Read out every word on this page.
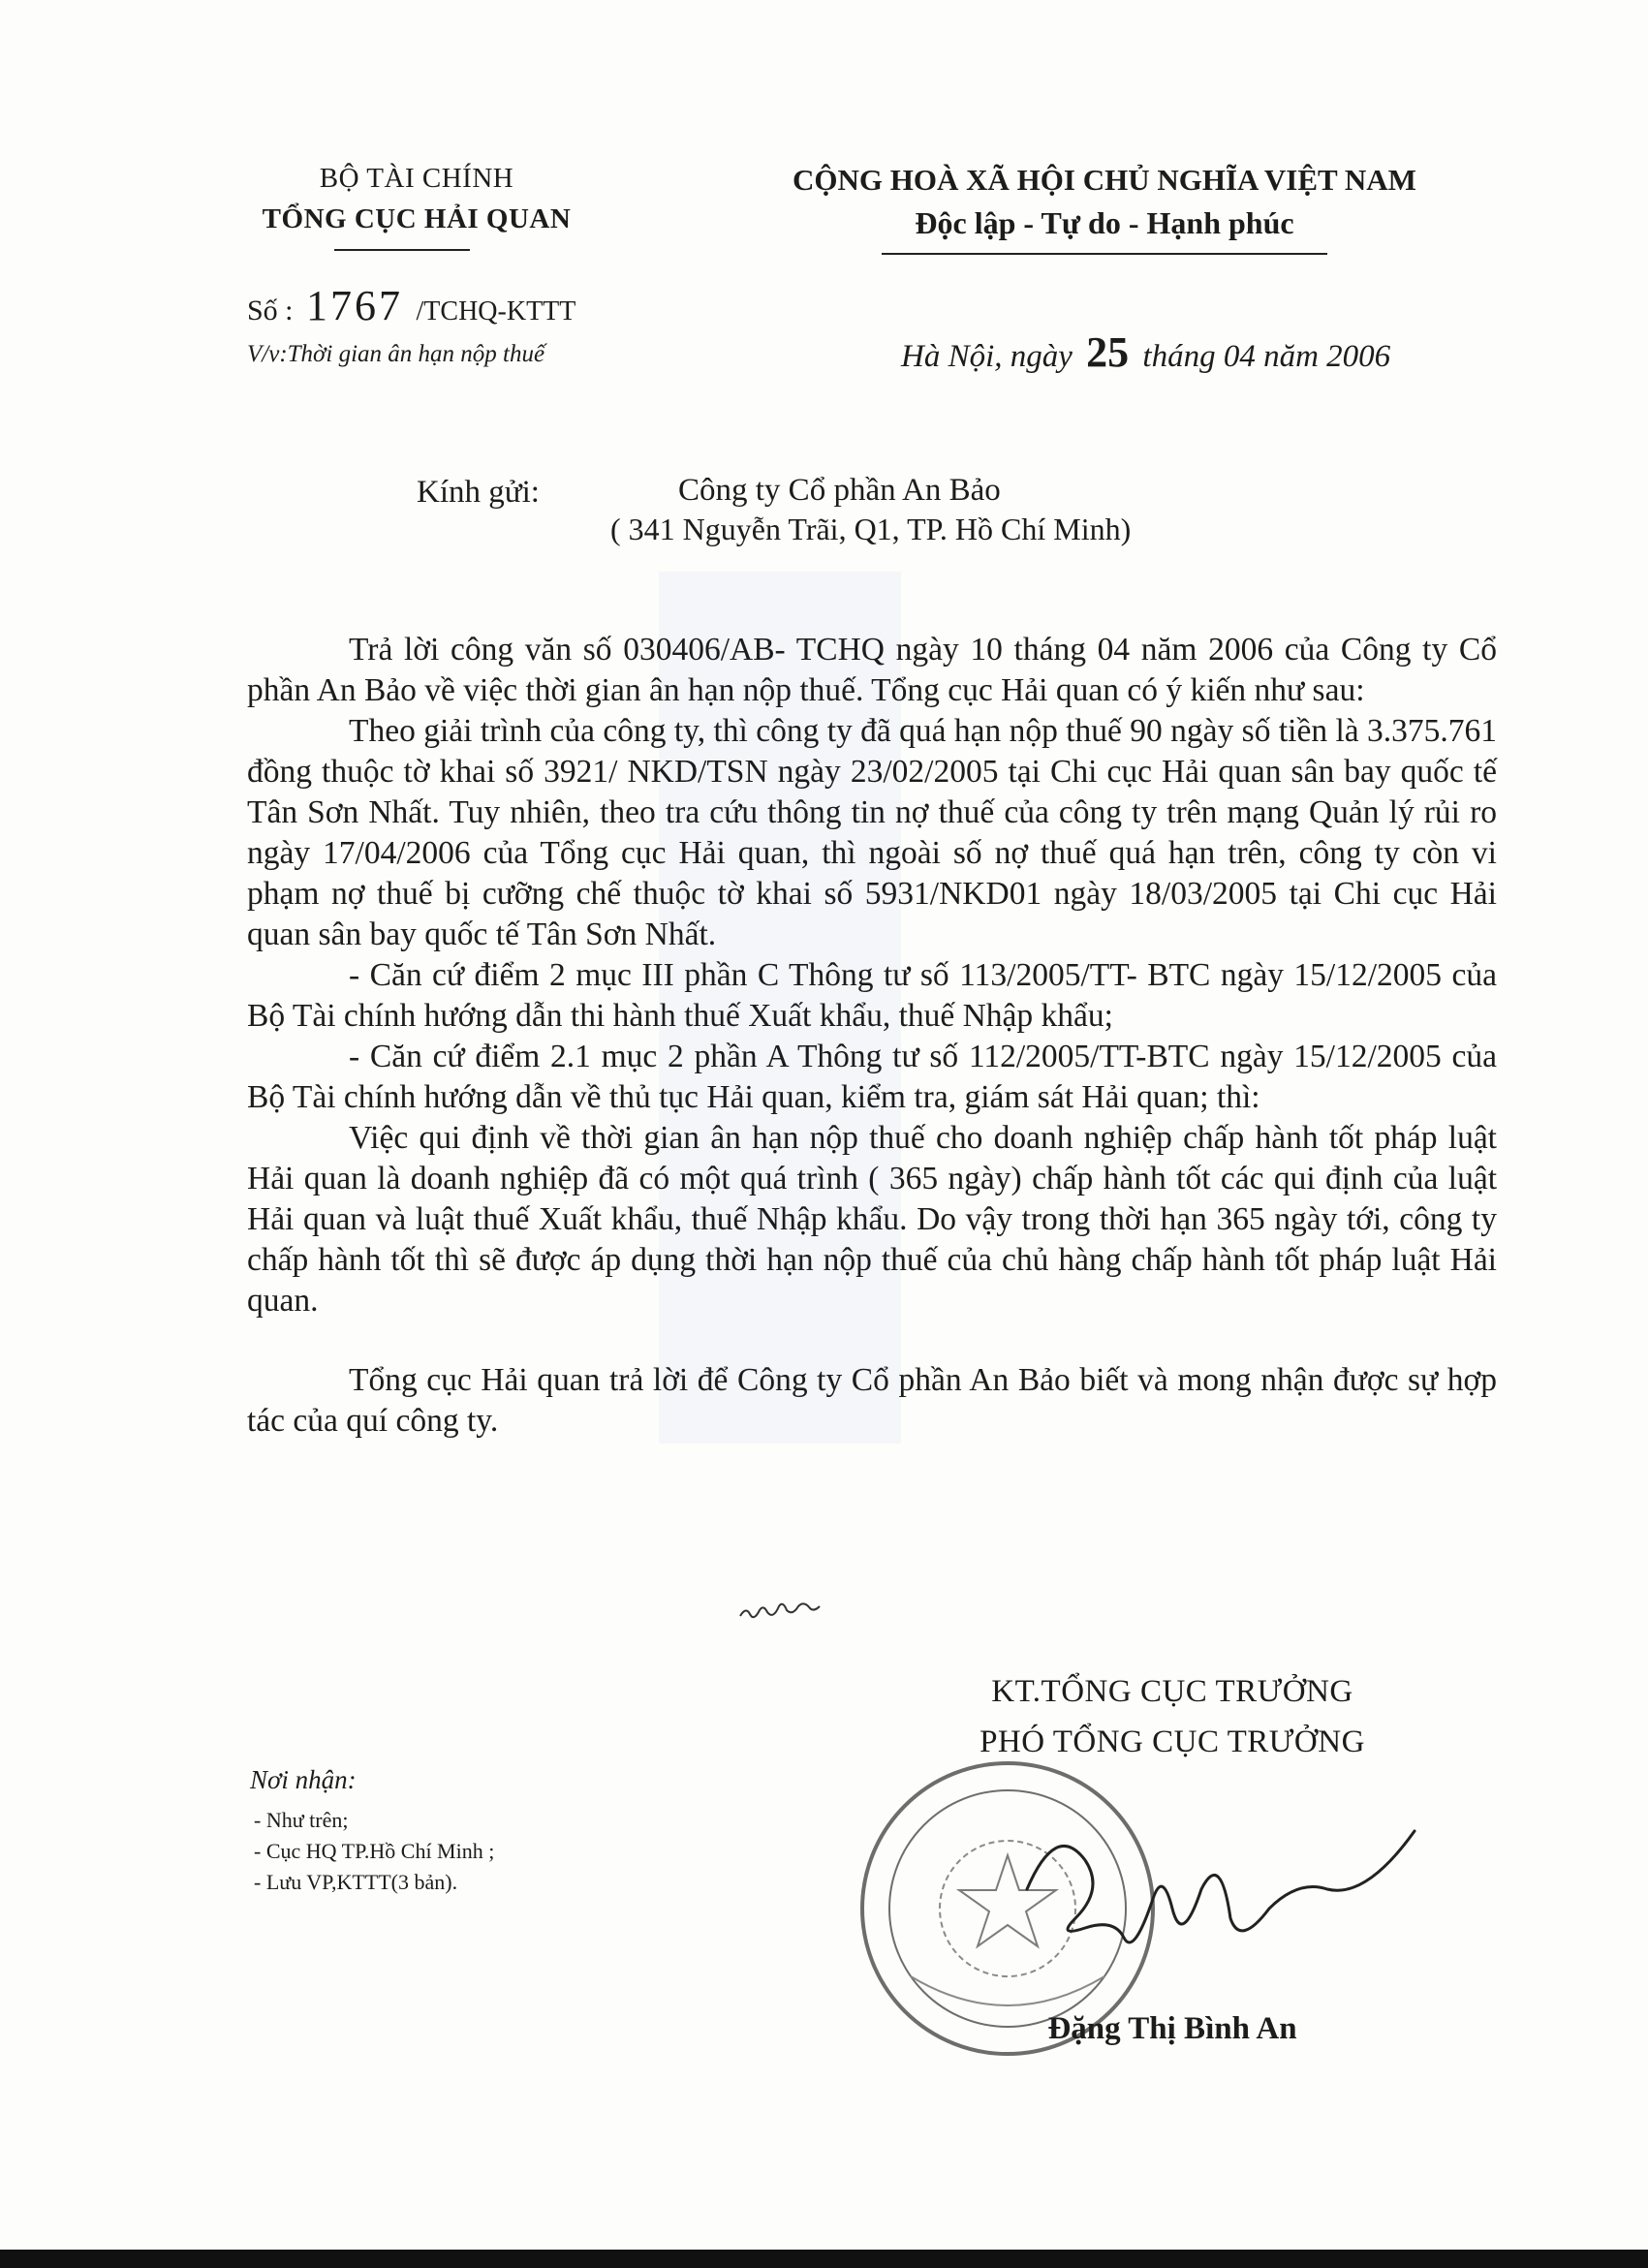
BỘ TÀI CHÍNH
TỔNG CỤC HẢI QUAN
CỘNG HOÀ XÃ HỘI CHỦ NGHĨA VIỆT NAM
Độc lập - Tự do - Hạnh phúc
Số : 1767 /TCHQ-KTTT
V/v:Thời gian ân hạn nộp thuế	Hà Nội, ngày 25 tháng 04 năm 2006
Kính gửi:	Công ty Cổ phần An Bảo
( 341 Nguyễn Trãi, Q1, TP. Hồ Chí Minh)

Trả lời công văn số 030406/AB- TCHQ ngày 10 tháng 04 năm 2006 của Công ty Cổ phần An Bảo về việc thời gian ân hạn nộp thuế. Tổng cục Hải quan có ý kiến như sau:

Theo giải trình của công ty, thì công ty đã quá hạn nộp thuế 90 ngày số tiền là 3.375.761 đồng thuộc tờ khai số 3921/ NKD/TSN ngày 23/02/2005 tại Chi cục Hải quan sân bay quốc tế Tân Sơn Nhất. Tuy nhiên, theo tra cứu thông tin nợ thuế của công ty trên mạng Quản lý rủi ro ngày 17/04/2006 của Tổng cục Hải quan, thì ngoài số nợ thuế quá hạn trên, công ty còn vi phạm nợ thuế bị cưỡng chế thuộc tờ khai số 5931/NKD01 ngày 18/03/2005 tại Chi cục Hải quan sân bay quốc tế Tân Sơn Nhất.

- Căn cứ điểm 2 mục III phần C Thông tư số 113/2005/TT- BTC ngày 15/12/2005 của Bộ Tài chính hướng dẫn thi hành thuế Xuất khẩu, thuế Nhập khẩu;

- Căn cứ điểm 2.1 mục 2 phần A Thông tư số 112/2005/TT-BTC ngày 15/12/2005 của Bộ Tài chính hướng dẫn về thủ tục Hải quan, kiểm tra, giám sát Hải quan; thì:

Việc qui định về thời gian ân hạn nộp thuế cho doanh nghiệp chấp hành tốt pháp luật Hải quan là doanh nghiệp đã có một quá trình ( 365 ngày) chấp hành tốt các qui định của luật Hải quan và luật thuế Xuất khẩu, thuế Nhập khẩu. Do vậy trong thời hạn 365 ngày tới, công ty chấp hành tốt thì sẽ được áp dụng thời hạn nộp thuế của chủ hàng chấp hành tốt pháp luật Hải quan.

Tổng cục Hải quan trả lời để Công ty Cổ phần An Bảo biết và mong nhận được sự hợp tác của quí công ty.

KT.TỔNG CỤC TRƯỞNG
PHÓ TỔNG CỤC TRƯỞNG
Đặng Thị Bình An
Nơi nhận:
- Như trên;
- Cục HQ TP.Hồ Chí Minh ;
- Lưu VP,KTTT(3 bản).
